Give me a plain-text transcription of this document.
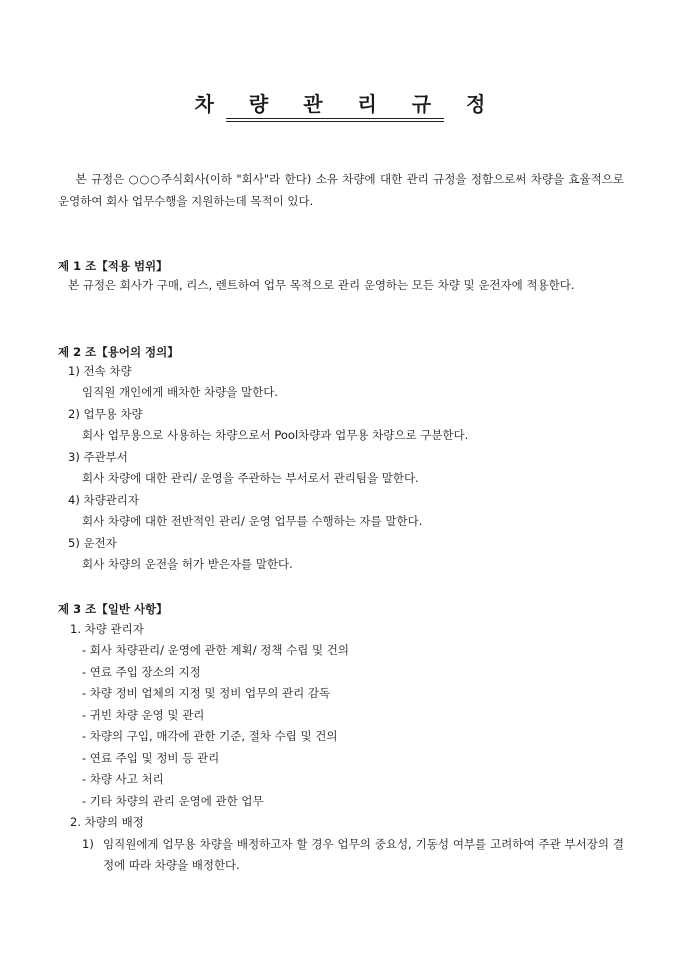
차 량 관 리 규 정
본 규정은 ○○○주식회사(이하 "회사"라 한다) 소유 차량에 대한 관리 규정을 정함으로써 차량을 효율적으로 운영하여 회사 업무수행을 지원하는데 목적이 있다.
제 1 조【적용 범위】
본 규정은 회사가 구매, 리스, 렌트하여 업무 목적으로 관리 운영하는 모든 차량 및 운전자에 적용한다.
제 2 조【용어의 정의】
1) 전속 차량
임직원 개인에게 배차한 차량을 말한다.
2) 업무용 차량
회사 업무용으로 사용하는 차량으로서 Pool차량과 업무용 차량으로 구분한다.
3) 주관부서
회사 차량에 대한 관리/ 운영을 주관하는 부서로서 관리팀을 말한다.
4) 차량관리자
회사 차량에 대한 전반적인 관리/ 운영 업무를 수행하는 자를 말한다.
5) 운전자
회사 차량의 운전을 허가 받은자를 말한다.
제 3 조【일반 사항】
1. 차량 관리자
- 회사 차량관리/ 운영에 관한 계획/ 정책 수립 및 건의
- 연료 주입 장소의 지정
- 차량 정비 업체의 지정 및 정비 업무의 관리 감독
- 귀빈 차량 운영 및 관리
- 차량의 구입, 매각에 관한 기준, 절차 수립 및 건의
- 연료 주입 및 정비 등 관리
- 차량 사고 처리
- 기타 차량의 관리 운영에 관한 업무
2. 차량의 배정
1) 임직원에게 업무용 차량을 배정하고자 할 경우 업무의 중요성, 기동성 여부를 고려하여 주관 부서장의 결정에 따라 차량을 배정한다.
